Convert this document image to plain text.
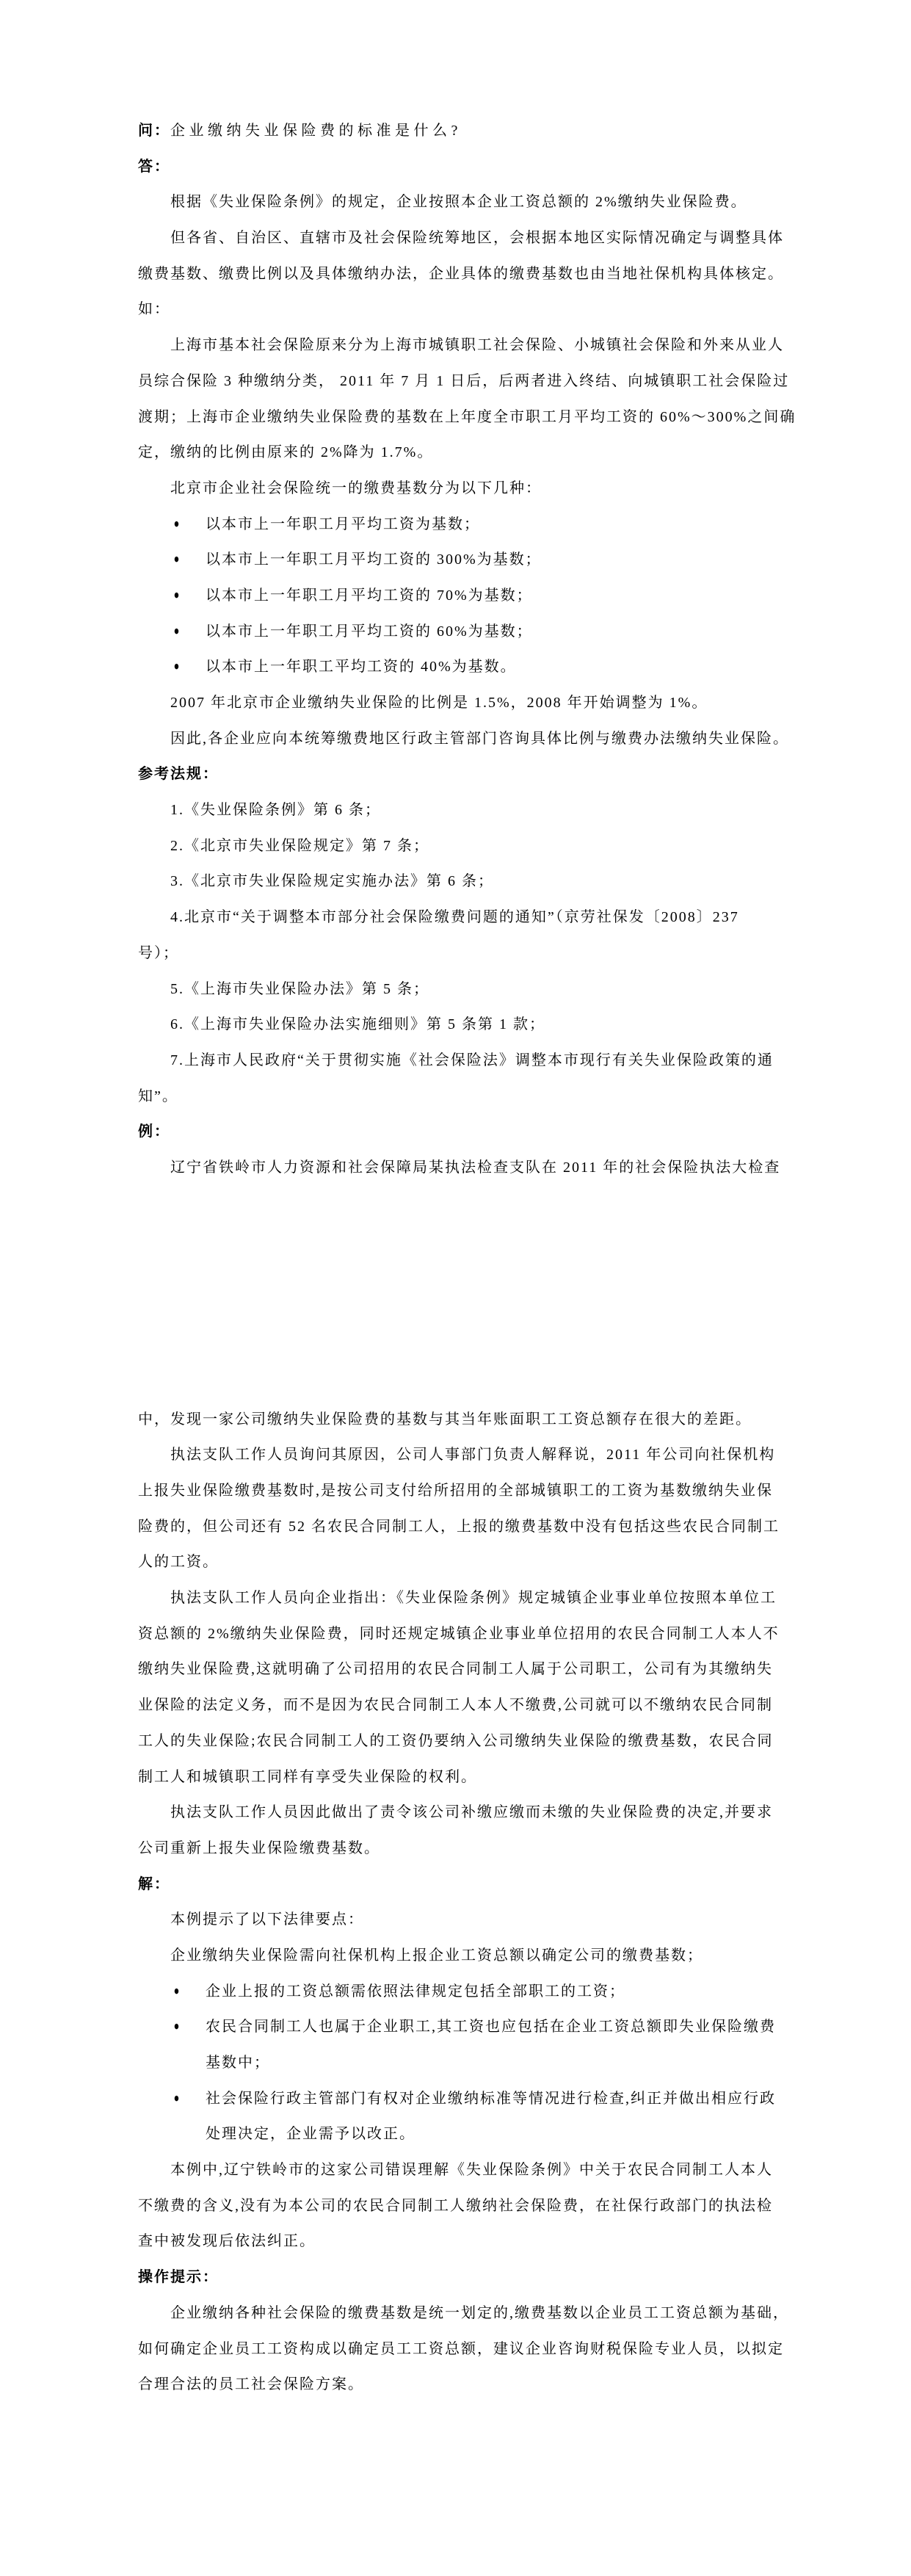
问：企业缴纳失业保险费的标准是什么?
答：
根据《失业保险条例》的规定，企业按照本企业工资总额的 2%缴纳失业保险费。
但各省、自治区、直辖市及社会保险统筹地区，会根据本地区实际情况确定与调整具体
缴费基数、缴费比例以及具体缴纳办法，企业具体的缴费基数也由当地社保机构具体核定。
如：
上海市基本社会保险原来分为上海市城镇职工社会保险、小城镇社会保险和外来从业人
员综合保险 3 种缴纳分类， 2011 年 7 月 1 日后，后两者进入终结、向城镇职工社会保险过
渡期；上海市企业缴纳失业保险费的基数在上年度全市职工月平均工资的 60%～300%之间确
定，缴纳的比例由原来的 2%降为 1.7%。
北京市企业社会保险统一的缴费基数分为以下几种：
● 以本市上一年职工月平均工资为基数；
● 以本市上一年职工月平均工资的 300%为基数；
● 以本市上一年职工月平均工资的 70%为基数；
● 以本市上一年职工月平均工资的 60%为基数；
● 以本市上一年职工平均工资的 40%为基数。
2007 年北京市企业缴纳失业保险的比例是 1.5%，2008 年开始调整为 1%。
因此,各企业应向本统筹缴费地区行政主管部门咨询具体比例与缴费办法缴纳失业保险。
参考法规：
1.《失业保险条例》第 6 条；
2.《北京市失业保险规定》第 7 条；
3.《北京市失业保险规定实施办法》第 6 条；
4.北京市“关于调整本市部分社会保险缴费问题的通知”（京劳社保发〔2008〕237
号）；
5.《上海市失业保险办法》第 5 条；
6.《上海市失业保险办法实施细则》第 5 条第 1 款；
7.上海市人民政府“关于贯彻实施《社会保险法》调整本市现行有关失业保险政策的通
知”。
例：
辽宁省铁岭市人力资源和社会保障局某执法检查支队在 2011 年的社会保险执法大检查
中，发现一家公司缴纳失业保险费的基数与其当年账面职工工资总额存在很大的差距。
执法支队工作人员询问其原因，公司人事部门负责人解释说，2011 年公司向社保机构
上报失业保险缴费基数时,是按公司支付给所招用的全部城镇职工的工资为基数缴纳失业保
险费的，但公司还有 52 名农民合同制工人，上报的缴费基数中没有包括这些农民合同制工
人的工资。
执法支队工作人员向企业指出：《失业保险条例》规定城镇企业事业单位按照本单位工
资总额的 2%缴纳失业保险费，同时还规定城镇企业事业单位招用的农民合同制工人本人不
缴纳失业保险费,这就明确了公司招用的农民合同制工人属于公司职工，公司有为其缴纳失
业保险的法定义务，而不是因为农民合同制工人本人不缴费,公司就可以不缴纳农民合同制
工人的失业保险;农民合同制工人的工资仍要纳入公司缴纳失业保险的缴费基数，农民合同
制工人和城镇职工同样有享受失业保险的权利。
执法支队工作人员因此做出了责令该公司补缴应缴而未缴的失业保险费的决定,并要求
公司重新上报失业保险缴费基数。
解：
本例提示了以下法律要点：
企业缴纳失业保险需向社保机构上报企业工资总额以确定公司的缴费基数；
● 企业上报的工资总额需依照法律规定包括全部职工的工资；
● 农民合同制工人也属于企业职工,其工资也应包括在企业工资总额即失业保险缴费
基数中；
● 社会保险行政主管部门有权对企业缴纳标准等情况进行检查,纠正并做出相应行政
处理决定，企业需予以改正。
本例中,辽宁铁岭市的这家公司错误理解《失业保险条例》中关于农民合同制工人本人
不缴费的含义,没有为本公司的农民合同制工人缴纳社会保险费，在社保行政部门的执法检
查中被发现后依法纠正。
操作提示：
企业缴纳各种社会保险的缴费基数是统一划定的,缴费基数以企业员工工资总额为基础，
如何确定企业员工工资构成以确定员工工资总额，建议企业咨询财税保险专业人员，以拟定
合理合法的员工社会保险方案。
